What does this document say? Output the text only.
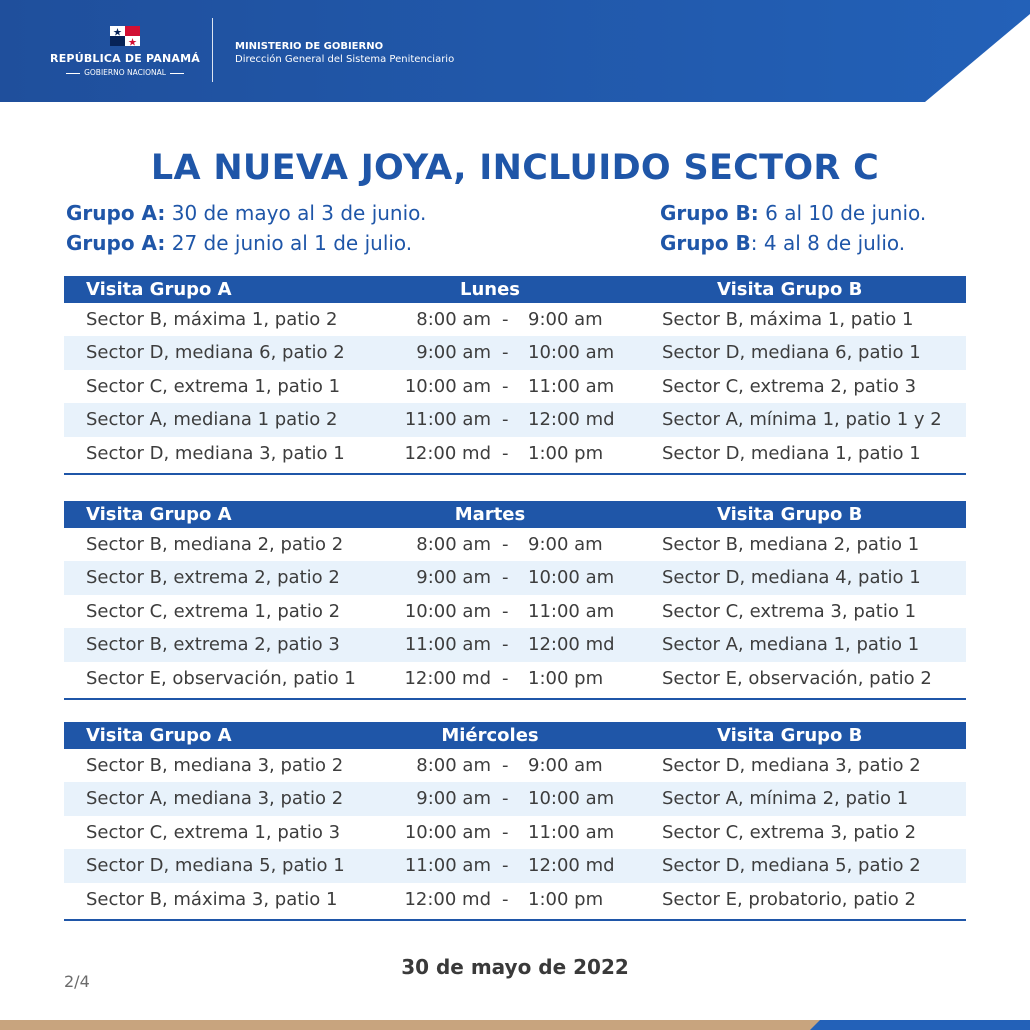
REPÚBLICA DE PANAMÁ
GOBIERNO NACIONAL
MINISTERIO DE GOBIERNO
Dirección General del Sistema Penitenciario
LA NUEVA JOYA, INCLUIDO SECTOR C
Grupo A: 30 de mayo al 3 de junio.
Grupo A: 27 de junio al 1 de julio.
Grupo B: 6 al 10 de junio.
Grupo B: 4 al 8 de julio.
Visita Grupo A	Lunes	Visita Grupo B
Sector B, máxima 1, patio 2	8:00 am - 9:00 am	Sector B, máxima 1, patio 1
Sector D, mediana 6, patio 2	9:00 am - 10:00 am	Sector D, mediana 6, patio 1
Sector C, extrema 1, patio 1	10:00 am - 11:00 am	Sector C, extrema 2, patio 3
Sector A, mediana 1 patio 2	11:00 am - 12:00 md	Sector A, mínima 1, patio 1 y 2
Sector D, mediana 3, patio 1	12:00 md - 1:00 pm	Sector D, mediana 1, patio 1
Visita Grupo A	Martes	Visita Grupo B
Sector B, mediana 2, patio 2	8:00 am - 9:00 am	Sector B, mediana 2, patio 1
Sector B, extrema 2, patio 2	9:00 am - 10:00 am	Sector D, mediana 4, patio 1
Sector C, extrema 1, patio 2	10:00 am - 11:00 am	Sector C, extrema 3, patio 1
Sector B, extrema 2, patio 3	11:00 am - 12:00 md	Sector A, mediana 1, patio 1
Sector E, observación, patio 1	12:00 md - 1:00 pm	Sector E, observación, patio 2
Visita Grupo A	Miércoles	Visita Grupo B
Sector B, mediana 3, patio 2	8:00 am - 9:00 am	Sector D, mediana 3, patio 2
Sector A, mediana 3, patio 2	9:00 am - 10:00 am	Sector A, mínima 2, patio 1
Sector C, extrema 1, patio 3	10:00 am - 11:00 am	Sector C, extrema 3, patio 2
Sector D, mediana 5, patio 1	11:00 am - 12:00 md	Sector D, mediana 5, patio 2
Sector B, máxima 3, patio 1	12:00 md - 1:00 pm	Sector E, probatorio, patio 2
30 de mayo de 2022
2/4
